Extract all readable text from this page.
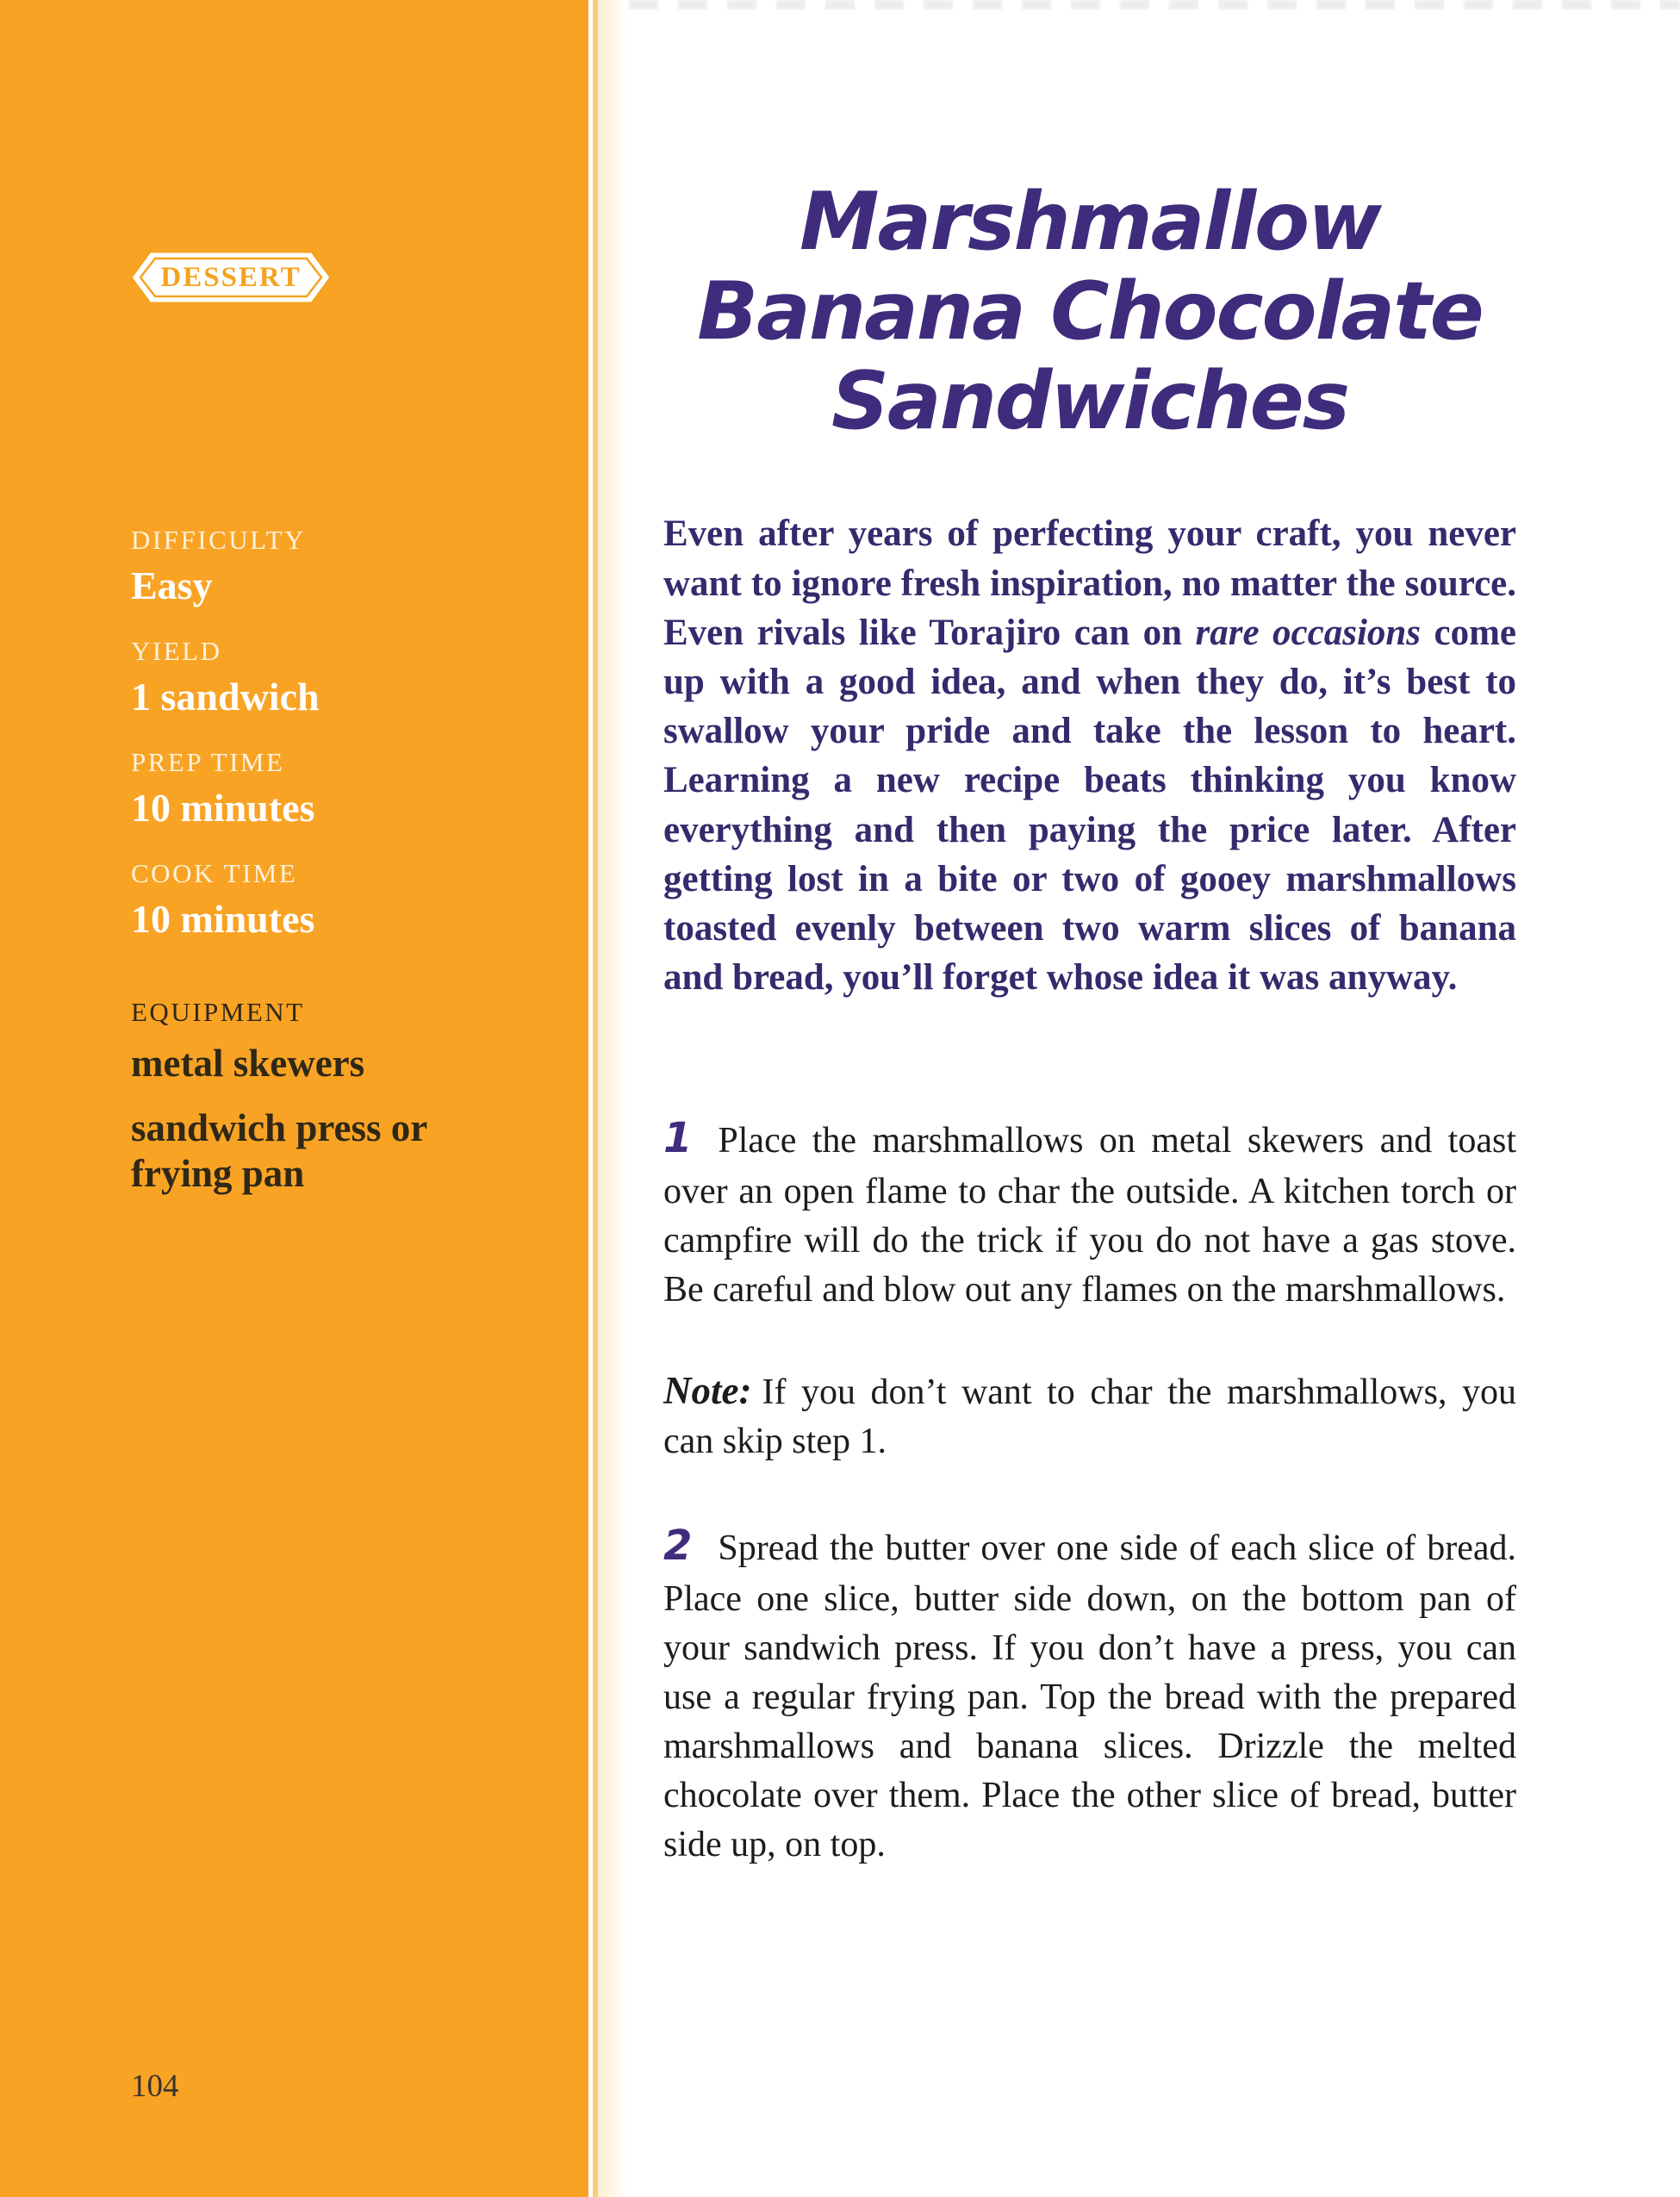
DESSERT
DIFFICULTY
Easy
YIELD
1 sandwich
PREP TIME
10 minutes
COOK TIME
10 minutes
EQUIPMENT
metal skewers
sandwich press or frying pan
104
Marshmallow
Banana Chocolate
Sandwiches

Even after years of perfecting your craft, you never want to ignore fresh inspiration, no matter the source. Even rivals like Torajiro can on rare occasions come up with a good idea, and when they do, it’s best to swallow your pride and take the lesson to heart. Learning a new recipe beats thinking you know everything and then paying the price later. After getting lost in a bite or two of gooey marshmallows toasted evenly between two warm slices of banana and bread, you’ll forget whose idea it was anyway.

1 Place the marshmallows on metal skewers and toast over an open flame to char the outside. A kitchen torch or campfire will do the trick if you do not have a gas stove. Be careful and blow out any flames on the marshmallows.

Note: If you don’t want to char the marshmallows, you can skip step 1.

2 Spread the butter over one side of each slice of bread. Place one slice, butter side down, on the bottom pan of your sandwich press. If you don’t have a press, you can use a regular frying pan. Top the bread with the prepared marshmallows and banana slices. Drizzle the melted chocolate over them. Place the other slice of bread, butter side up, on top.
